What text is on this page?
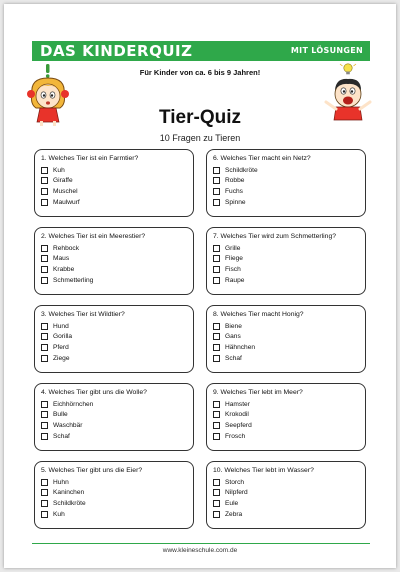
DAS KINDERQUIZ	MIT LÖSUNGEN
Für Kinder von ca. 6 bis 9 Jahren!
Tier-Quiz
10 Fragen zu Tieren
1. Welches Tier ist ein Farmtier?
Kuh
Giraffe
Muschel
Maulwurf
2. Welches Tier ist ein Meerestier?
Rehbock
Maus
Krabbe
Schmetterling
3. Welches Tier ist Wildtier?
Hund
Gorilla
Pferd
Ziege
4. Welches Tier gibt uns die Wolle?
Eichhörnchen
Bulle
Waschbär
Schaf
5. Welches Tier gibt uns die Eier?
Huhn
Kaninchen
Schildkröte
Kuh
6. Welches Tier macht ein Netz?
Schildkröte
Robbe
Fuchs
Spinne
7. Welches Tier wird zum Schmetterling?
Grille
Fliege
Fisch
Raupe
8. Welches Tier macht Honig?
Biene
Gans
Hähnchen
Schaf
9. Welches Tier lebt im Meer?
Hamster
Krokodil
Seepferd
Frosch
10. Welches Tier lebt im Wasser?
Storch
Nilpferd
Eule
Zebra
www.kleineschule.com.de
